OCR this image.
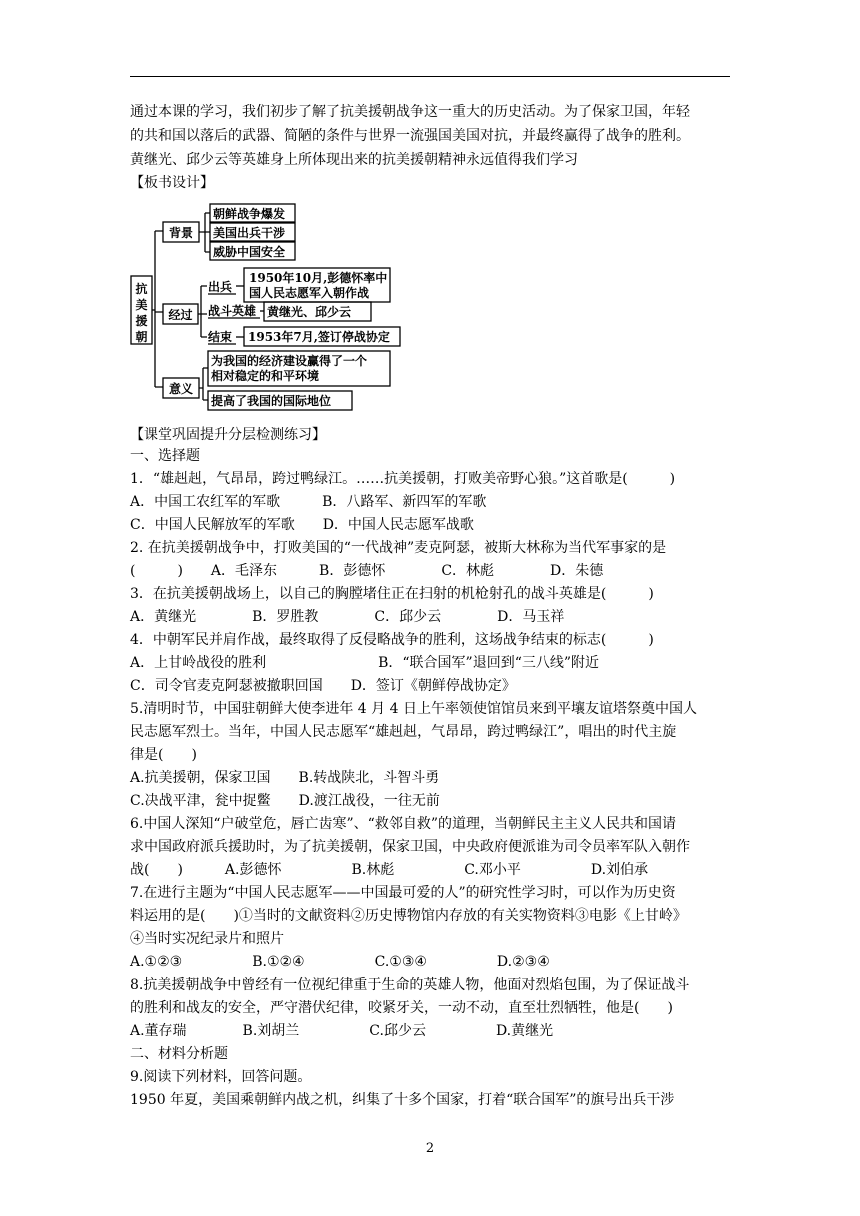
通过本课的学习，我们初步了解了抗美援朝战争这一重大的历史活动。为了保家卫国，年轻
的共和国以落后的武器、简陋的条件与世界一流强国美国对抗，并最终赢得了战争的胜利。
黄继光、邱少云等英雄身上所体现出来的抗美援朝精神永远值得我们学习
【板书设计】
抗
美
援
朝
背景
朝鲜战争爆发
美国出兵干涉
威胁中国安全
经过
出兵
1950年10月,彭德怀率中
国人民志愿军入朝作战
战斗英雄 黄继光、邱少云
结束 1953年7月,签订停战协定
意义
为我国的经济建设赢得了一个
相对稳定的和平环境
提高了我国的国际地位
【课堂巩固提升分层检测练习】
一、选择题
1．“雄赳赳，气昂昂，跨过鸭绿江。……抗美援朝，打败美帝野心狼。”这首歌是(　　　)
A．中国工农红军的军歌　　　B．八路军、新四军的军歌
C．中国人民解放军的军歌　　D．中国人民志愿军战歌
2. 在抗美援朝战争中，打败美国的“一代战神”麦克阿瑟，被斯大林称为当代军事家的是
(　　　)　　A．毛泽东　　　B．彭德怀　　　　C．林彪　　　　D．朱德
3．在抗美援朝战场上，以自己的胸膛堵住正在扫射的机枪射孔的战斗英雄是(　　　)
A．黄继光　　　　B．罗胜教　　　　C．邱少云　　　　D．马玉祥
4．中朝军民并肩作战，最终取得了反侵略战争的胜利，这场战争结束的标志(　　　)
A．上甘岭战役的胜利　　　　　　　　B．“联合国军”退回到“三八线”附近
C．司令官麦克阿瑟被撤职回国　　D．签订《朝鲜停战协定》
5.清明时节，中国驻朝鲜大使李进年 4 月 4 日上午率领使馆馆员来到平壤友谊塔祭奠中国人
民志愿军烈士。当年，中国人民志愿军“雄赳赳，气昂昂，跨过鸭绿江”，唱出的时代主旋
律是(　　)
A.抗美援朝，保家卫国　　B.转战陕北，斗智斗勇
C.决战平津，瓮中捉鳖　　D.渡江战役，一往无前
6.中国人深知“户破堂危，唇亡齿寒”、“救邻自救”的道理，当朝鲜民主主义人民共和国请
求中国政府派兵援助时，为了抗美援朝，保家卫国，中央政府便派谁为司令员率军队入朝作
战(　　)　　　A.彭德怀　　　　　B.林彪　　　　　C.邓小平　　　　　D.刘伯承
7.在进行主题为“中国人民志愿军——中国最可爱的人”的研究性学习时，可以作为历史资
料运用的是(　　)①当时的文献资料②历史博物馆内存放的有关实物资料③电影《上甘岭》
④当时实况纪录片和照片
A.①②③　　　　　B.①②④　　　　　C.①③④　　　　　D.②③④
8.抗美援朝战争中曾经有一位视纪律重于生命的英雄人物，他面对烈焰包围，为了保证战斗
的胜利和战友的安全，严守潜伏纪律，咬紧牙关，一动不动，直至壮烈牺牲，他是(　　)
A.董存瑞　　　　B.刘胡兰　　　　　C.邱少云　　　　　D.黄继光
二、材料分析题
9.阅读下列材料，回答问题。
1950 年夏，美国乘朝鲜内战之机，纠集了十多个国家，打着“联合国军”的旗号出兵干涉
2
